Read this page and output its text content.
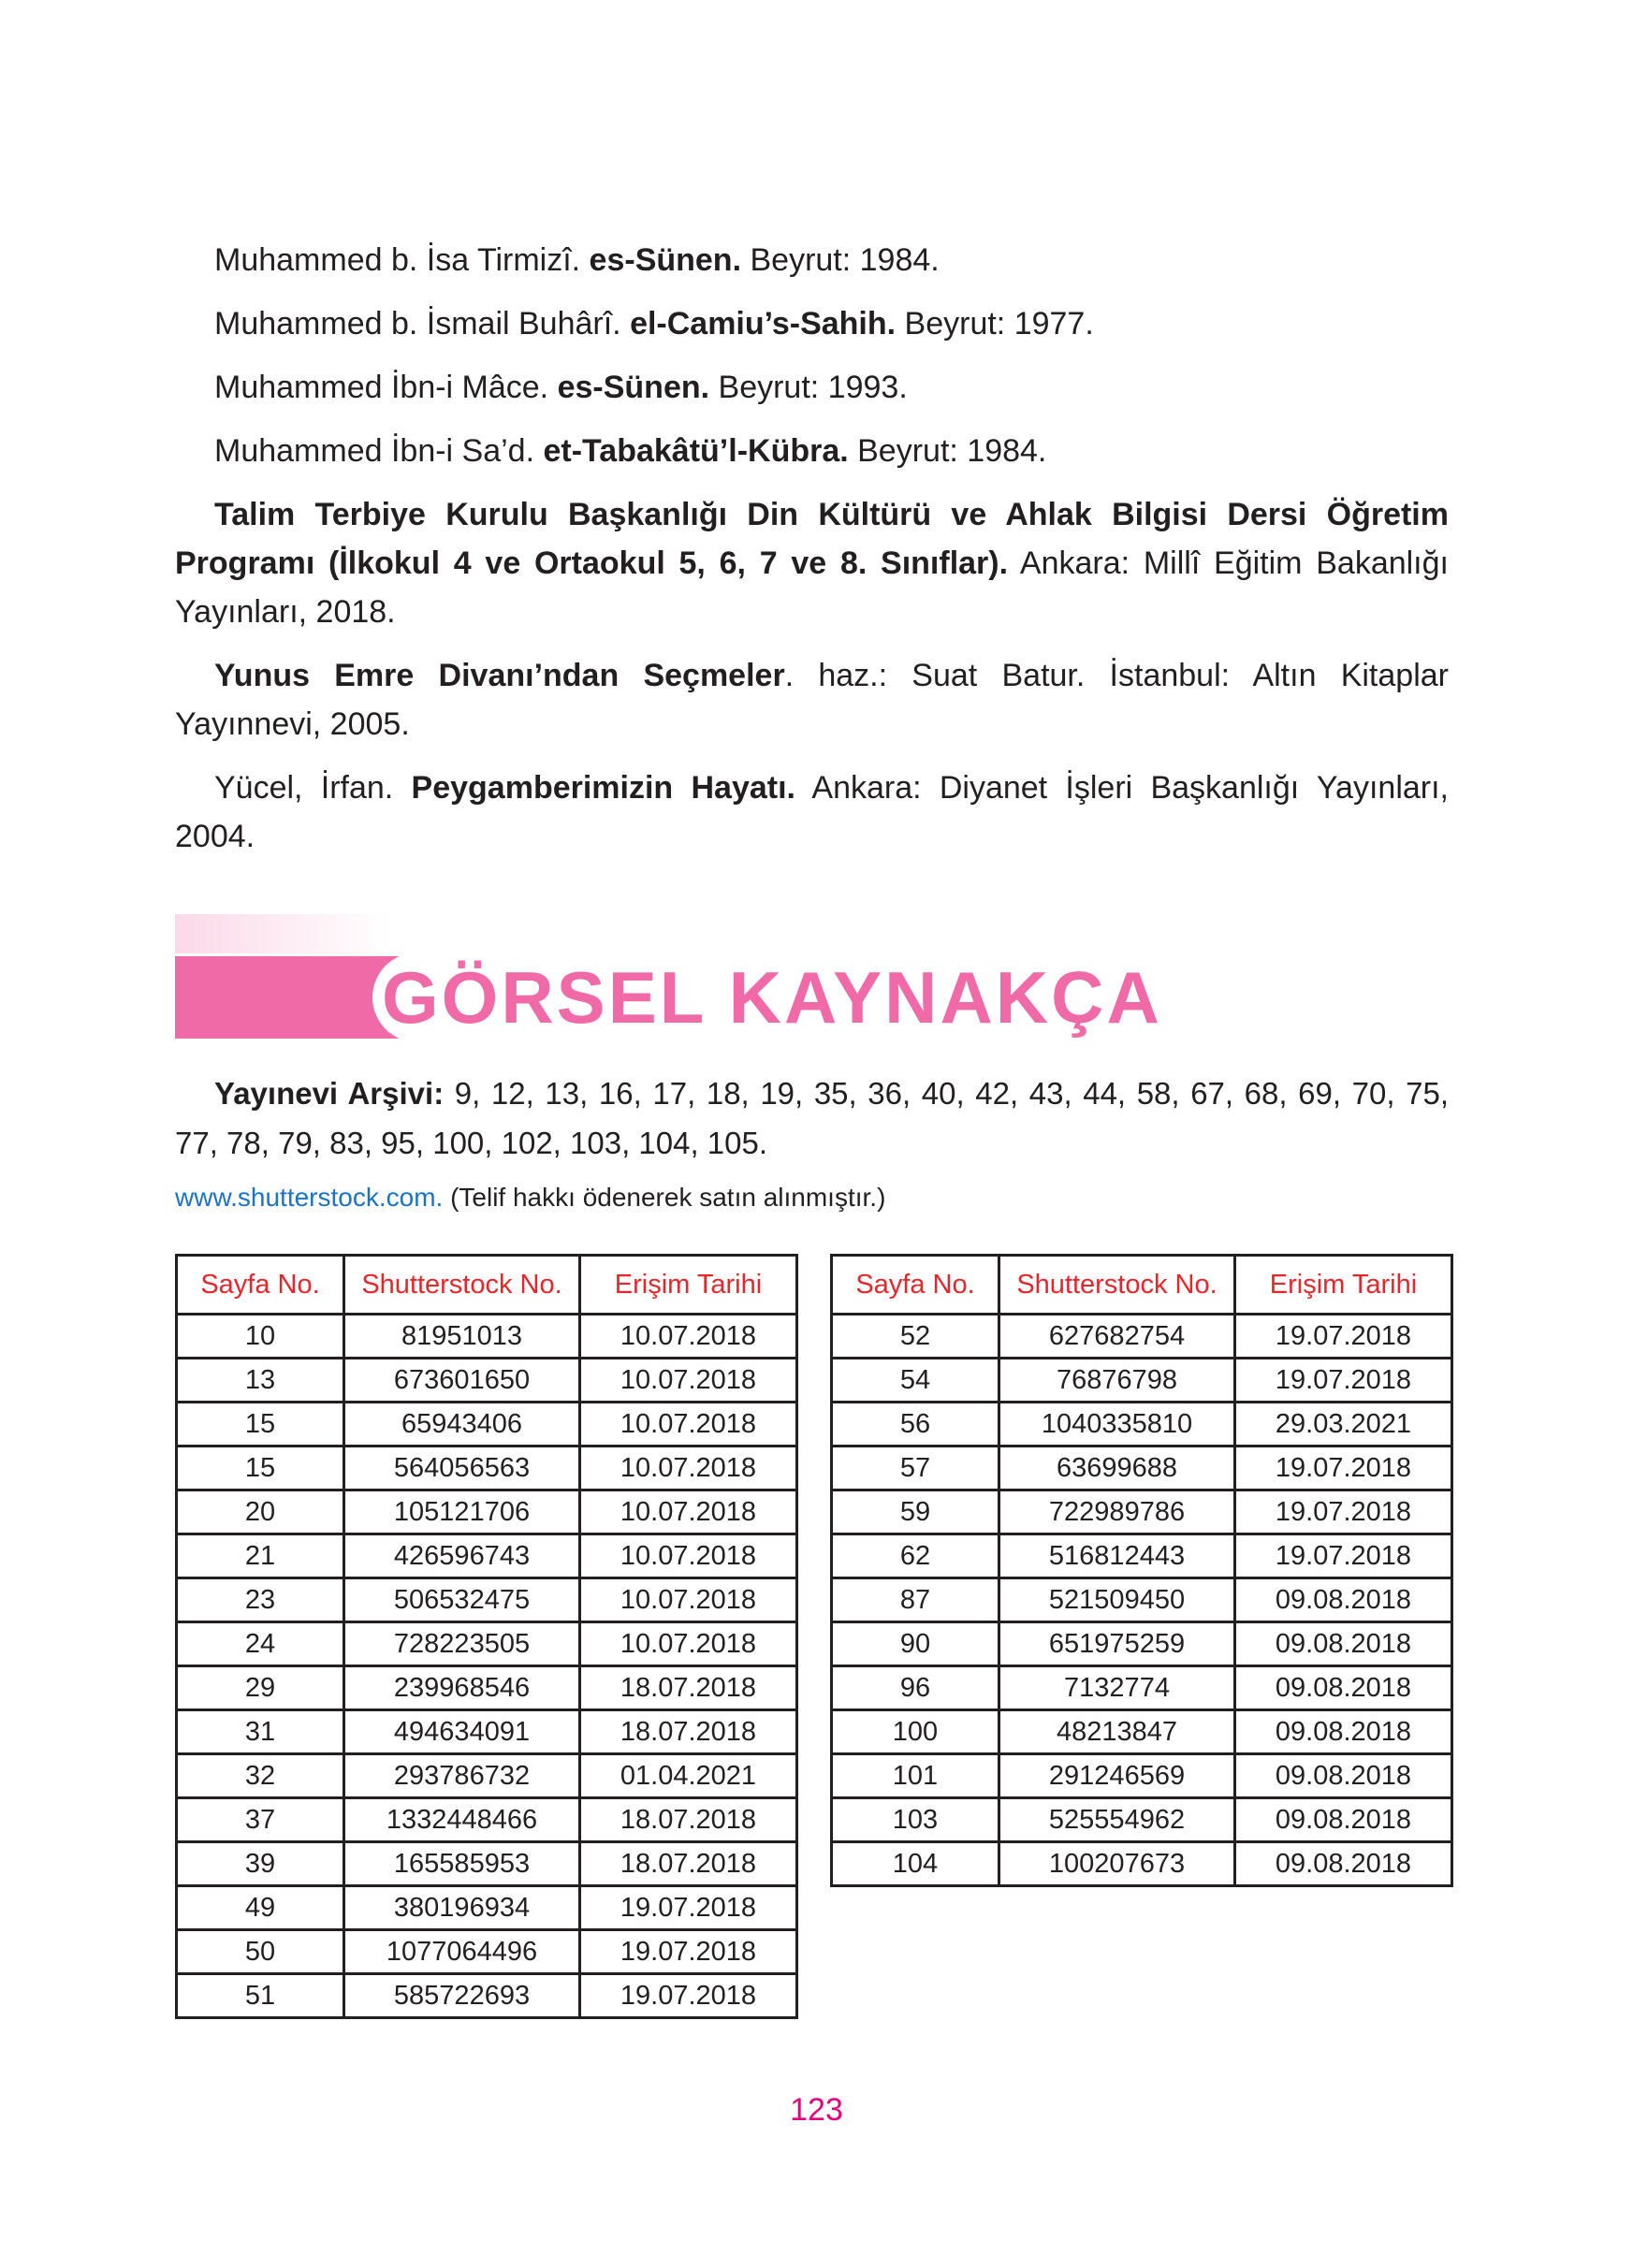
Muhammed b. İsa Tirmizî. es-Sünen. Beyrut: 1984.

Muhammed b. İsmail Buhârî. el-Camiu’s-Sahih. Beyrut: 1977.

Muhammed İbn-i Mâce. es-Sünen. Beyrut: 1993.

Muhammed İbn-i Sa’d. et-Tabakâtü’l-Kübra. Beyrut: 1984.

Talim Terbiye Kurulu Başkanlığı Din Kültürü ve Ahlak Bilgisi Dersi Öğretim Programı (İlkokul 4 ve Ortaokul 5, 6, 7 ve 8. Sınıflar). Ankara: Millî Eğitim Bakanlığı Yayınları, 2018.

Yunus Emre Divanı’ndan Seçmeler. haz.: Suat Batur. İstanbul: Altın Kitaplar Yayınnevi, 2005.

Yücel, İrfan. Peygamberimizin Hayatı. Ankara: Diyanet İşleri Başkanlığı Yayınları, 2004.

GÖRSEL KAYNAKÇA

Yayınevi Arşivi: 9, 12, 13, 16, 17, 18, 19, 35, 36, 40, 42, 43, 44, 58, 67, 68, 69, 70, 75, 77, 78, 79, 83, 95, 100, 102, 103, 104, 105.

www.shutterstock.com. (Telif hakkı ödenerek satın alınmıştır.)
Sayfa No.	Shutterstock No.	Erişim Tarihi
10	81951013	10.07.2018
13	673601650	10.07.2018
15	65943406	10.07.2018
15	564056563	10.07.2018
20	105121706	10.07.2018
21	426596743	10.07.2018
23	506532475	10.07.2018
24	728223505	10.07.2018
29	239968546	18.07.2018
31	494634091	18.07.2018
32	293786732	01.04.2021
37	1332448466	18.07.2018
39	165585953	18.07.2018
49	380196934	19.07.2018
50	1077064496	19.07.2018
51	585722693	19.07.2018
Sayfa No.	Shutterstock No.	Erişim Tarihi
52	627682754	19.07.2018
54	76876798	19.07.2018
56	1040335810	29.03.2021
57	63699688	19.07.2018
59	722989786	19.07.2018
62	516812443	19.07.2018
87	521509450	09.08.2018
90	651975259	09.08.2018
96	7132774	09.08.2018
100	48213847	09.08.2018
101	291246569	09.08.2018
103	525554962	09.08.2018
104	100207673	09.08.2018
123
